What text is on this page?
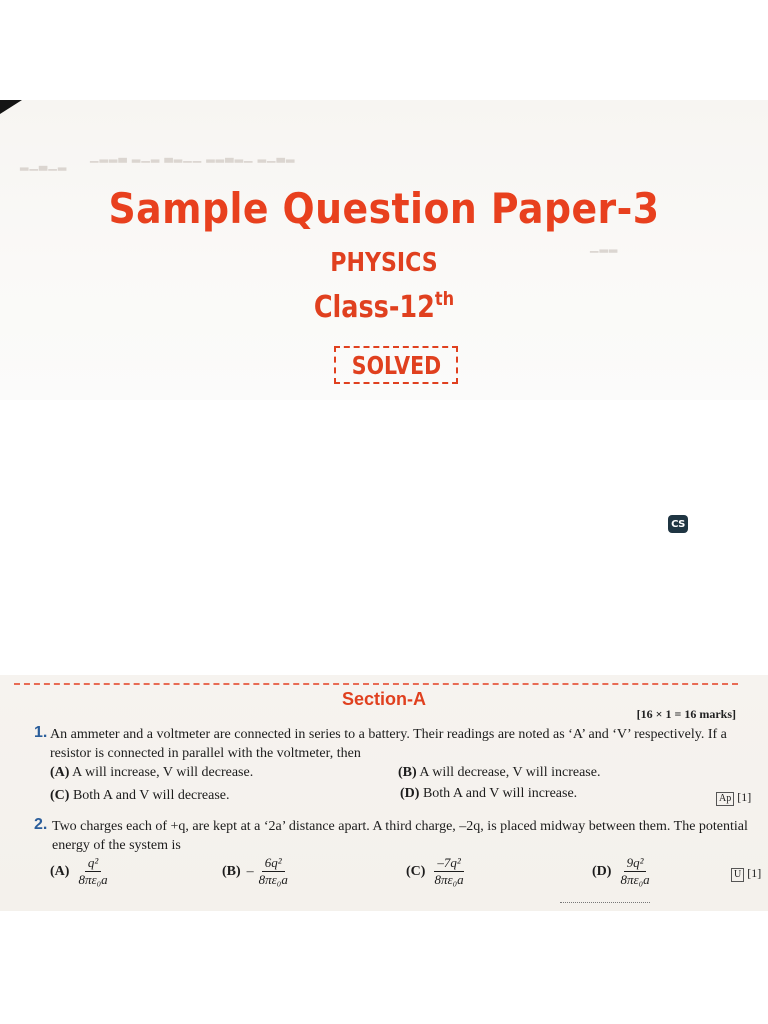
▁▂▂▃ ▂▁▂ ▃▂▁▁ ▂▂▃▂▁ ▂▁▃▂
▂▁▃▁▂
▁▂▂
Sample Question Paper-3
PHYSICS
Class-12th
SOLVED
CS
Section-A
[16 × 1 = 16 marks]
1. An ammeter and a voltmeter are connected in series to a battery. Their readings are noted as ‘A’ and ‘V’ respectively. If a resistor is connected in parallel with the voltmeter, then
(A) A will increase, V will decrease.	(B) A will decrease, V will increase.
(C) Both A and V will decrease.	(D) Both A and V will increase.	Ap [1]
2. Two charges each of +q, are kept at a ‘2a’ distance apart. A third charge, –2q, is placed midway between them. The potential energy of the system is
$(A) \frac{\text{q²}}{\text{8πε₀a}}$	$(B) - \frac{\text{6q²}}{\text{8πε₀a}}$	$(C) \frac{\text{–7q²}}{\text{8πε₀a}}$	$(D) \frac{\text{9q²}}{\text{8πε₀a}}$	U [1]
